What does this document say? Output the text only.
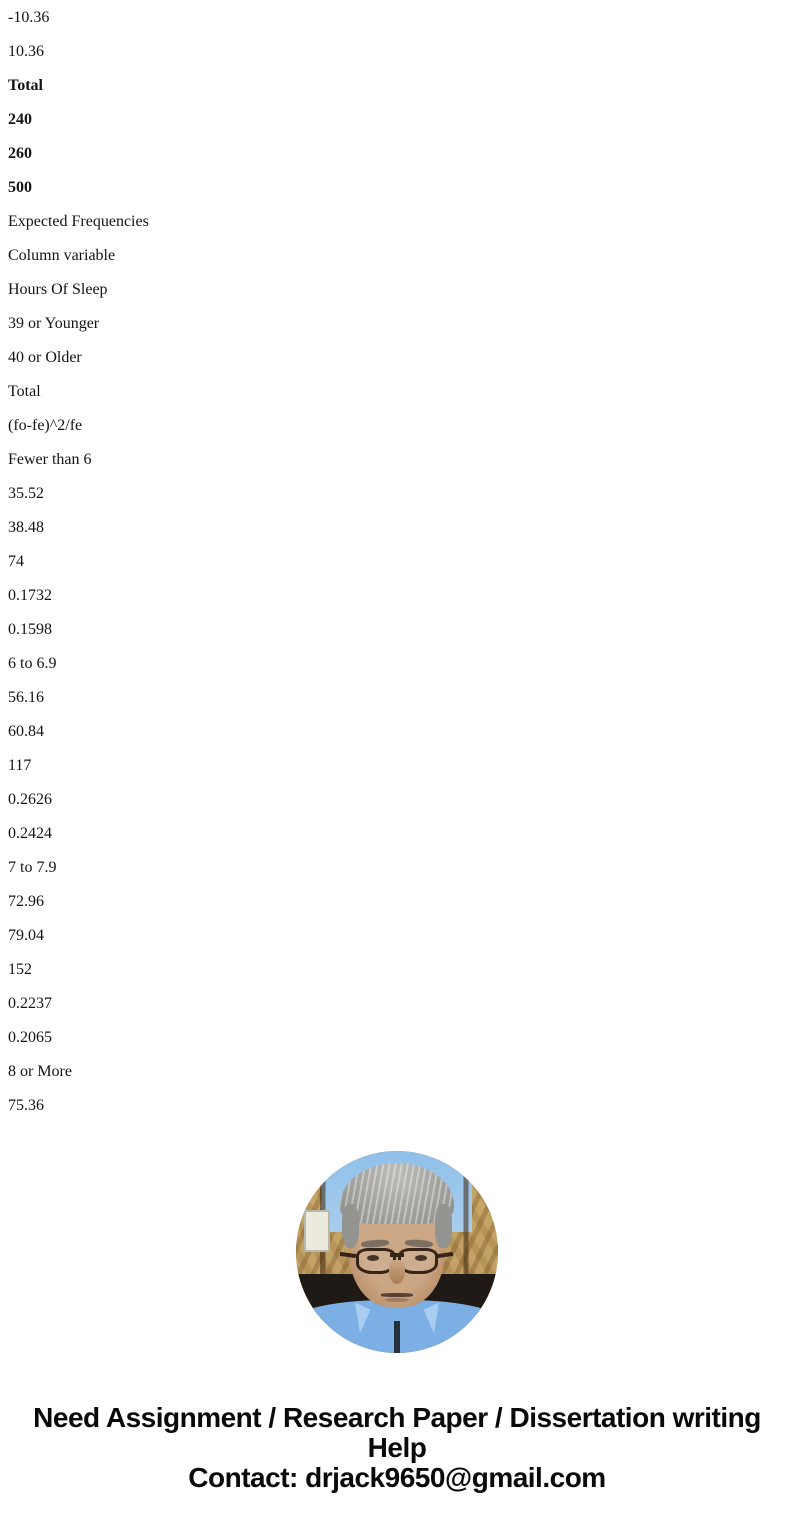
-10.36
10.36
Total
240
260
500
Expected Frequencies
Column variable
Hours Of Sleep
39 or Younger
40 or Older
Total
(fo-fe)^2/fe
Fewer than 6
35.52
38.48
74
0.1732
0.1598
6 to 6.9
56.16
60.84
117
0.2626
0.2424
7 to 7.9
72.96
79.04
152
0.2237
0.2065
8 or More
75.36
Need Assignment / Research Paper / Dissertation writing Help
Contact: drjack9650@gmail.com
